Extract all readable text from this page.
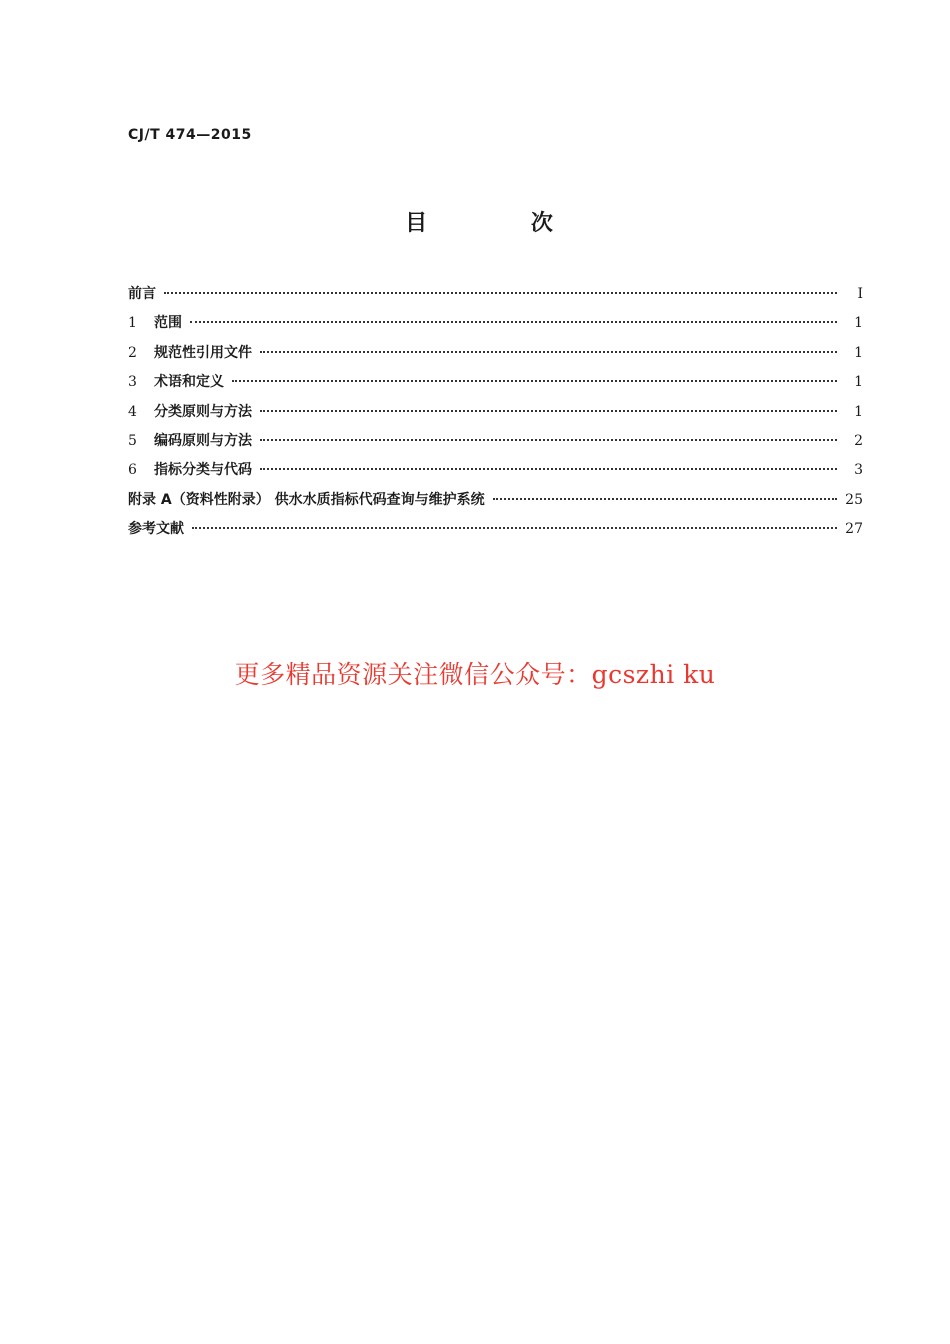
CJ/T 474—2015
目 次
前言	I
1	范围	1
2	规范性引用文件	1
3	术语和定义	1
4	分类原则与方法	1
5	编码原则与方法	2
6	指标分类与代码	3
附录 A（资料性附录） 供水水质指标代码查询与维护系统	25
参考文献	27
更多精品资源关注微信公众号：gcszhi ku
